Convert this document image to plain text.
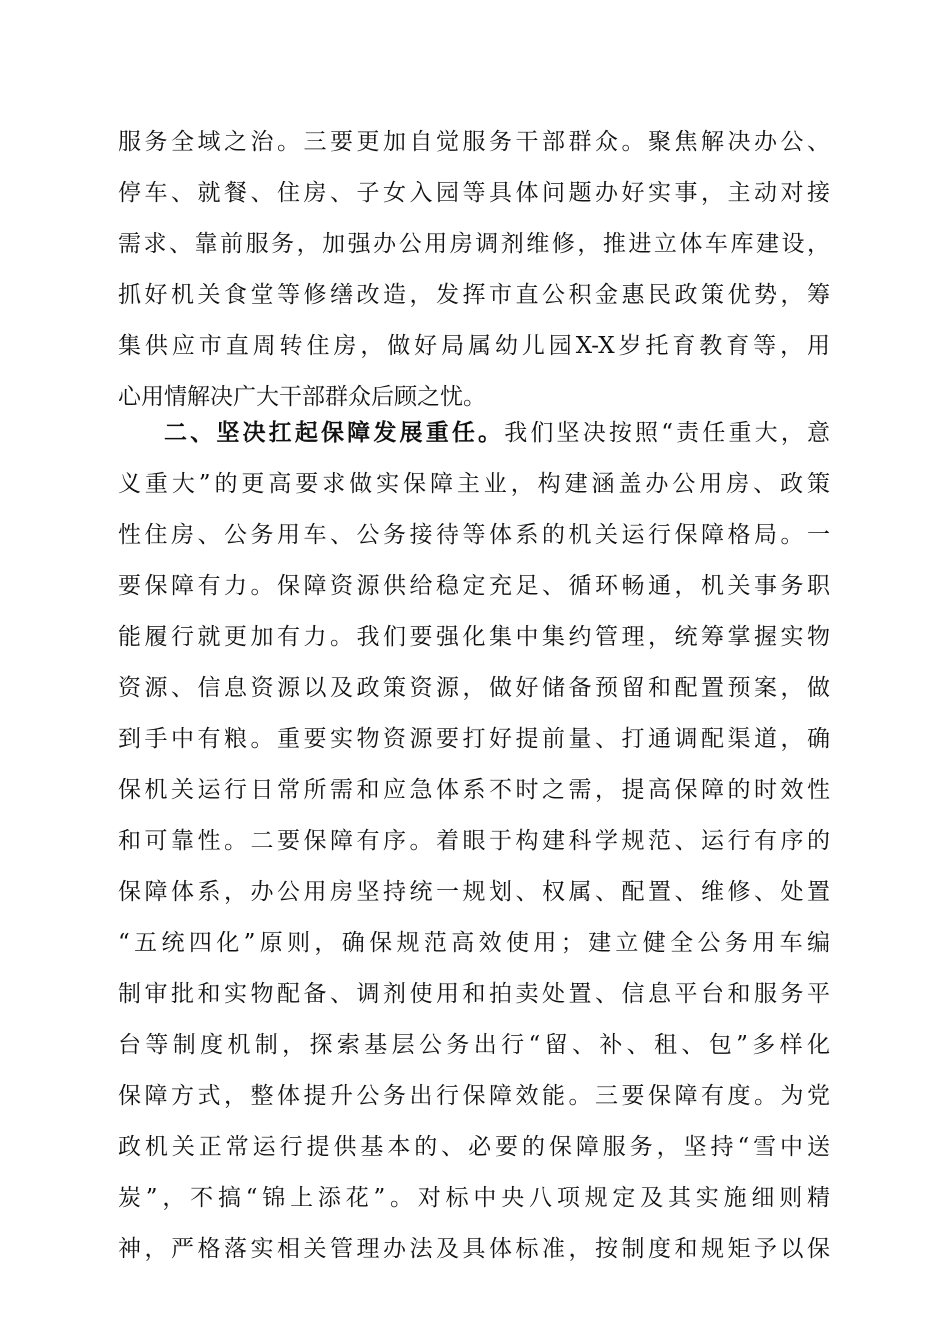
服务全域之治。三要更加自觉服务干部群众。聚焦解决办公、
停车、就餐、住房、子女入园等具体问题办好实事，主动对接
需求、靠前服务，加强办公用房调剂维修，推进立体车库建设，
抓好机关食堂等修缮改造，发挥市直公积金惠民政策优势，筹
集供应市直周转住房，做好局属幼儿园X-X岁托育教育等，用
心用情解决广大干部群众后顾之忧。
二、坚决扛起保障发展重任。我们坚决按照“责任重大，意
义重大”的更高要求做实保障主业，构建涵盖办公用房、政策
性住房、公务用车、公务接待等体系的机关运行保障格局。一
要保障有力。保障资源供给稳定充足、循环畅通，机关事务职
能履行就更加有力。我们要强化集中集约管理，统筹掌握实物
资源、信息资源以及政策资源，做好储备预留和配置预案，做
到手中有粮。重要实物资源要打好提前量、打通调配渠道，确
保机关运行日常所需和应急体系不时之需，提高保障的时效性
和可靠性。二要保障有序。着眼于构建科学规范、运行有序的
保障体系，办公用房坚持统一规划、权属、配置、维修、处置
“五统四化”原则，确保规范高效使用；建立健全公务用车编
制审批和实物配备、调剂使用和拍卖处置、信息平台和服务平
台等制度机制，探索基层公务出行“留、补、租、包”多样化
保障方式，整体提升公务出行保障效能。三要保障有度。为党
政机关正常运行提供基本的、必要的保障服务，坚持“雪中送
炭”，不搞“锦上添花”。对标中央八项规定及其实施细则精
神，严格落实相关管理办法及具体标准，按制度和规矩予以保
